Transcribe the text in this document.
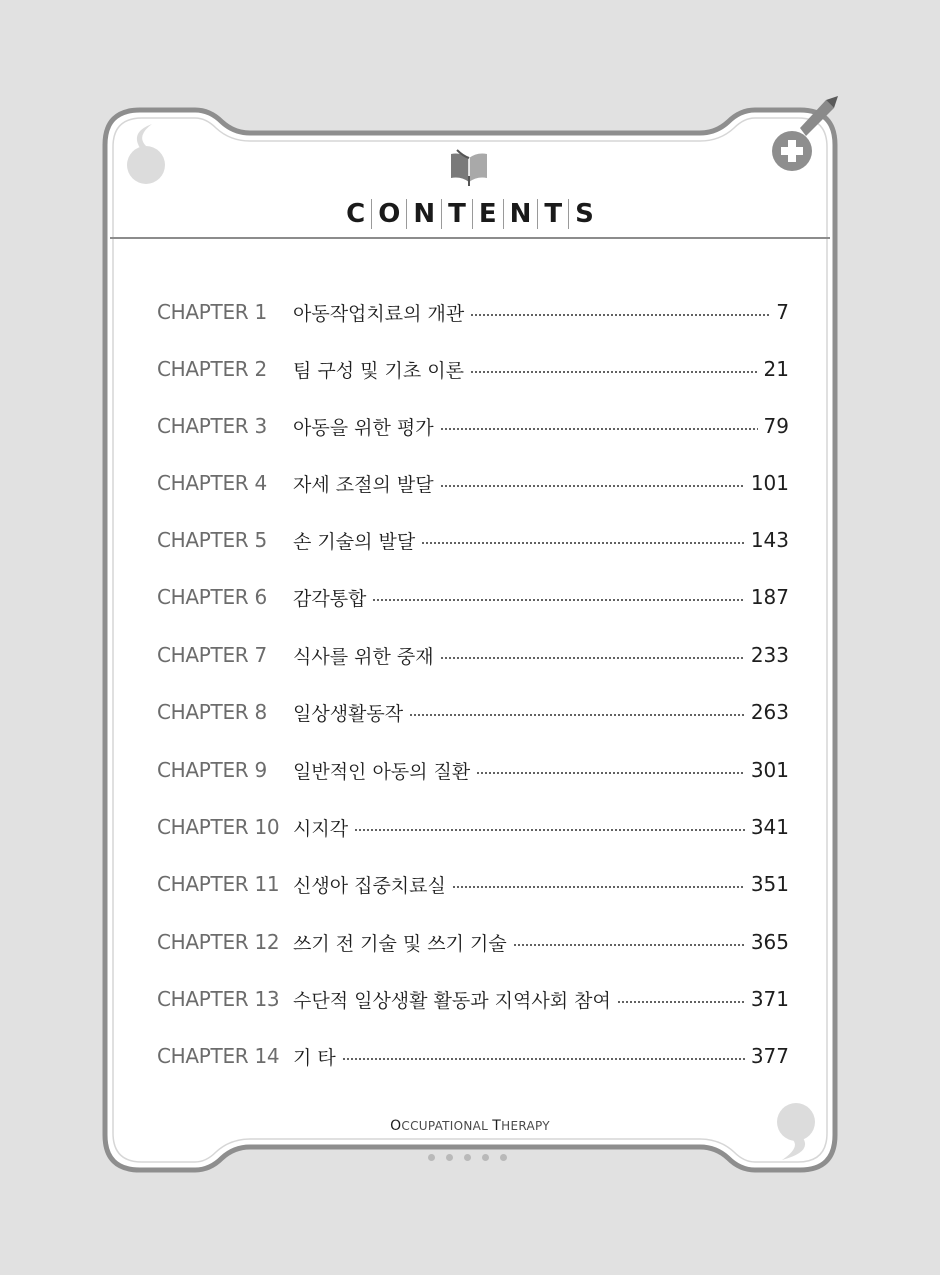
C O N T E N T S
CHAPTER 1	아동작업치료의 개관	7
CHAPTER 2	팀 구성 및 기초 이론	21
CHAPTER 3	아동을 위한 평가	79
CHAPTER 4	자세 조절의 발달	101
CHAPTER 5	손 기술의 발달	143
CHAPTER 6	감각통합	187
CHAPTER 7	식사를 위한 중재	233
CHAPTER 8	일상생활동작	263
CHAPTER 9	일반적인 아동의 질환	301
CHAPTER 10 시지각	341
CHAPTER 11 신생아 집중치료실	351
CHAPTER 12 쓰기 전 기술 및 쓰기 기술	365
CHAPTER 13 수단적 일상생활 활동과 지역사회 참여	371
CHAPTER 14 기 타	377
OCCUPATIONAL THERAPY
